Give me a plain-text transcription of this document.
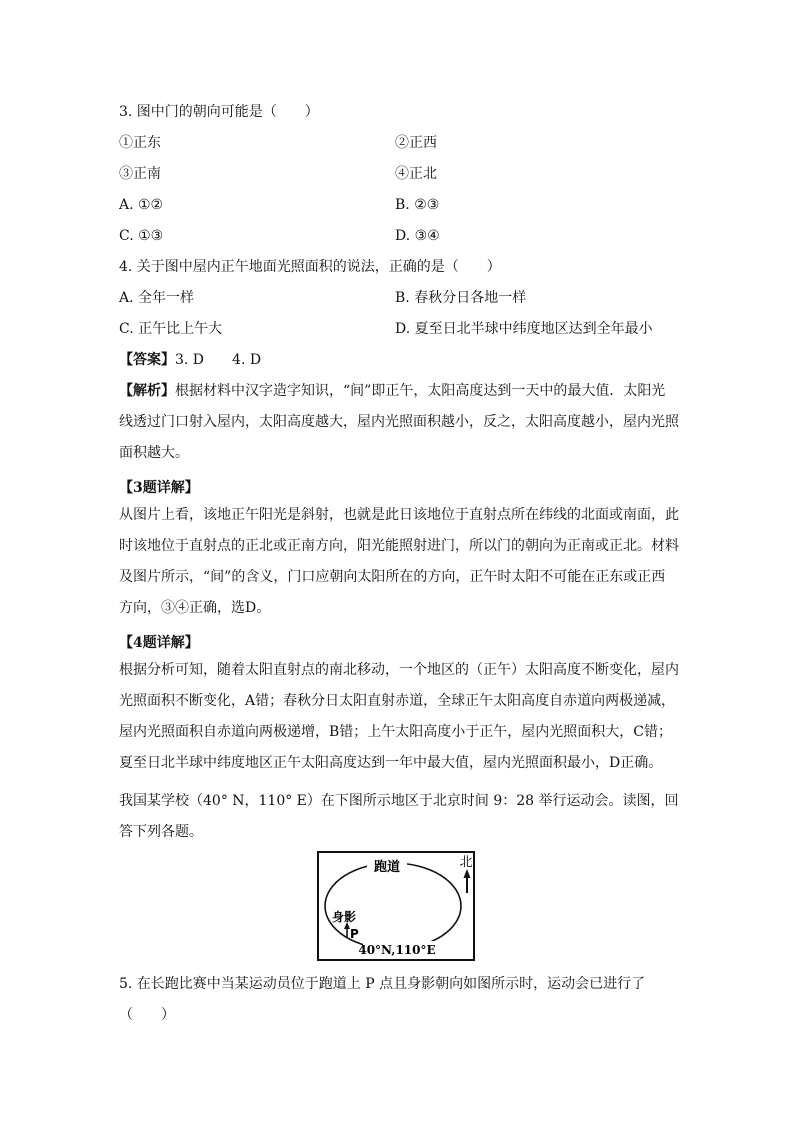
3. 图中门的朝向可能是（　　）
①正东	②正西
③正南	④正北
A. ①②	B. ②③
C. ①③	D. ③④
4. 关于图中屋内正午地面光照面积的说法，正确的是（　　）
A. 全年一样	B. 春秋分日各地一样
C. 正午比上午大	D. 夏至日北半球中纬度地区达到全年最小
【答案】3. D　　4. D
【解析】根据材料中汉字造字知识，“间”即正午，太阳高度达到一天中的最大值．太阳光线透过门口射入屋内，太阳高度越大，屋内光照面积越小，反之，太阳高度越小，屋内光照面积越大。
【3题详解】
从图片上看，该地正午阳光是斜射，也就是此日该地位于直射点所在纬线的北面或南面，此时该地位于直射点的正北或正南方向，阳光能照射进门，所以门的朝向为正南或正北。材料及图片所示，“间”的含义，门口应朝向太阳所在的方向，正午时太阳不可能在正东或正西方向，③④正确，选D。
【4题详解】
根据分析可知，随着太阳直射点的南北移动，一个地区的（正午）太阳高度不断变化，屋内光照面积不断变化，A错；春秋分日太阳直射赤道，全球正午太阳高度自赤道向两极递减，屋内光照面积自赤道向两极递增，B错；上午太阳高度小于正午，屋内光照面积大，C错；夏至日北半球中纬度地区正午太阳高度达到一年中最大值，屋内光照面积最小，D正确。
我国某学校（40° N，110° E）在下图所示地区于北京时间 9：28 举行运动会。读图，回答下列各题。
跑道	北
身影
P
40°N,110°E
5. 在长跑比赛中当某运动员位于跑道上 P 点且身影朝向如图所示时，运动会已进行了（　　）
